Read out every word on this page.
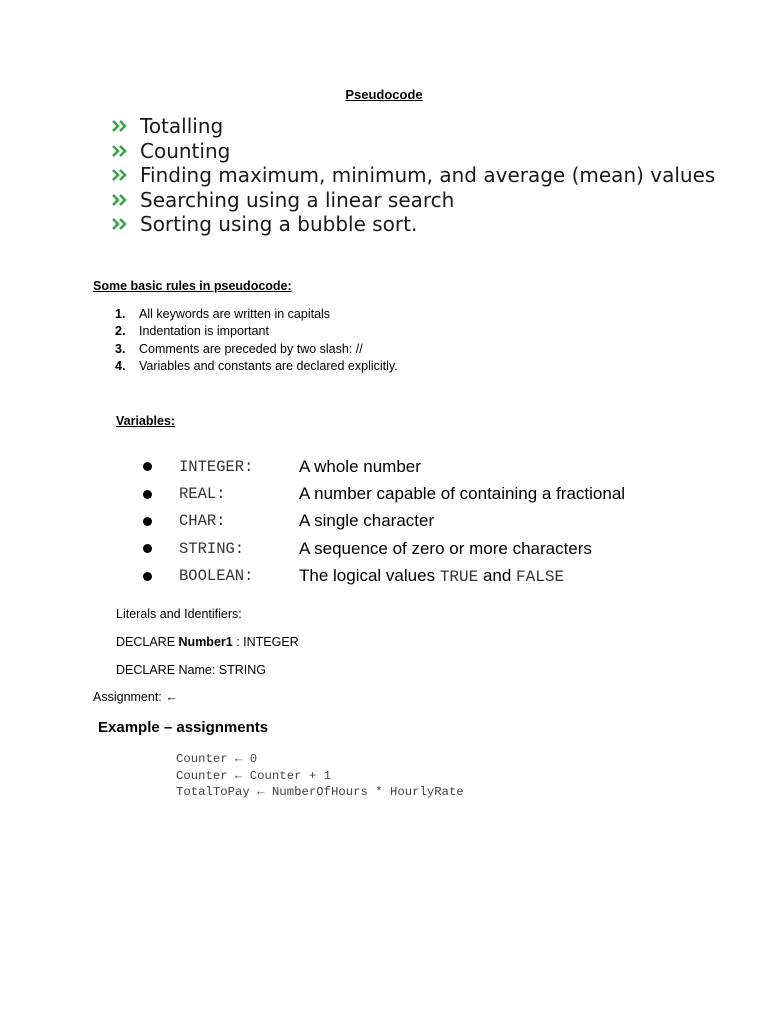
Pseudocode
Totalling
Counting
Finding maximum, minimum, and average (mean) values
Searching using a linear search
Sorting using a bubble sort.
Some basic rules in pseudocode:
1.	All keywords are written in capitals
2.	Indentation is important
3.	Comments are preceded by two slash: //
4.	Variables and constants are declared explicitly.
Variables:
INTEGER:	A whole number
REAL:	A number capable of containing a fractional
CHAR:	A single character
STRING:	A sequence of zero or more characters
BOOLEAN:	The logical values TRUE and FALSE
Literals and Identifiers:
DECLARE Number1 : INTEGER
DECLARE Name: STRING
Assignment: ←
Example – assignments
Counter ← 0
Counter ← Counter + 1
TotalToPay ← NumberOfHours * HourlyRate
